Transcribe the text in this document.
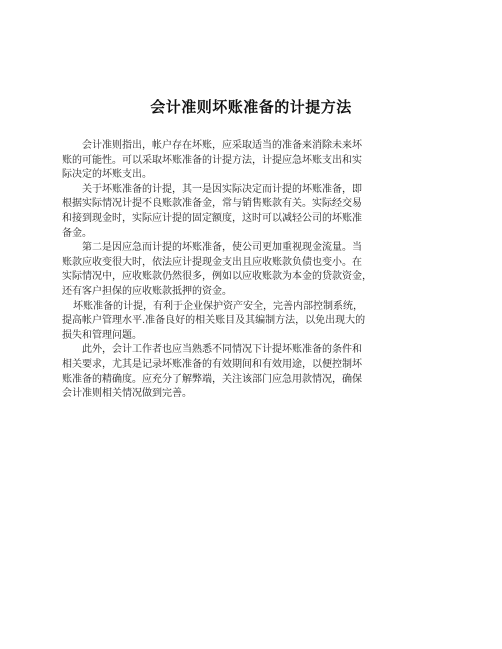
会计准则坏账准备的计提方法

会计准则指出，帐户存在坏账，应采取适当的准备来消除未来坏
账的可能性。可以采取坏账准备的计提方法，计提应急坏账支出和实
际决定的坏账支出。

关于坏账准备的计提，其一是因实际决定而计提的坏账准备，即
根据实际情况计提不良账款准备金，常与销售账款有关。实际经交易
和接到现金时，实际应计提的固定额度，这时可以减轻公司的坏账准
备金。

第二是因应急而计提的坏账准备，使公司更加重视现金流量。当
账款应收变很大时，依法应计提现金支出且应收账款负债也变小。在
实际情况中，应收账款仍然很多，例如以应收账款为本金的贷款资金，
还有客户担保的应收账款抵押的资金。

坏账准备的计提，有利于企业保护资产安全，完善内部控制系统，
提高帐户管理水平.准备良好的相关账目及其编制方法，以免出现大的
损失和管理问题。

此外，会计工作者也应当熟悉不同情况下计提坏账准备的条件和
相关要求，尤其是记录坏账准备的有效期间和有效用途，以便控制坏
账准备的精确度。应充分了解弊端，关注该部门应急用款情况，确保
会计准则相关情况做到完善。
